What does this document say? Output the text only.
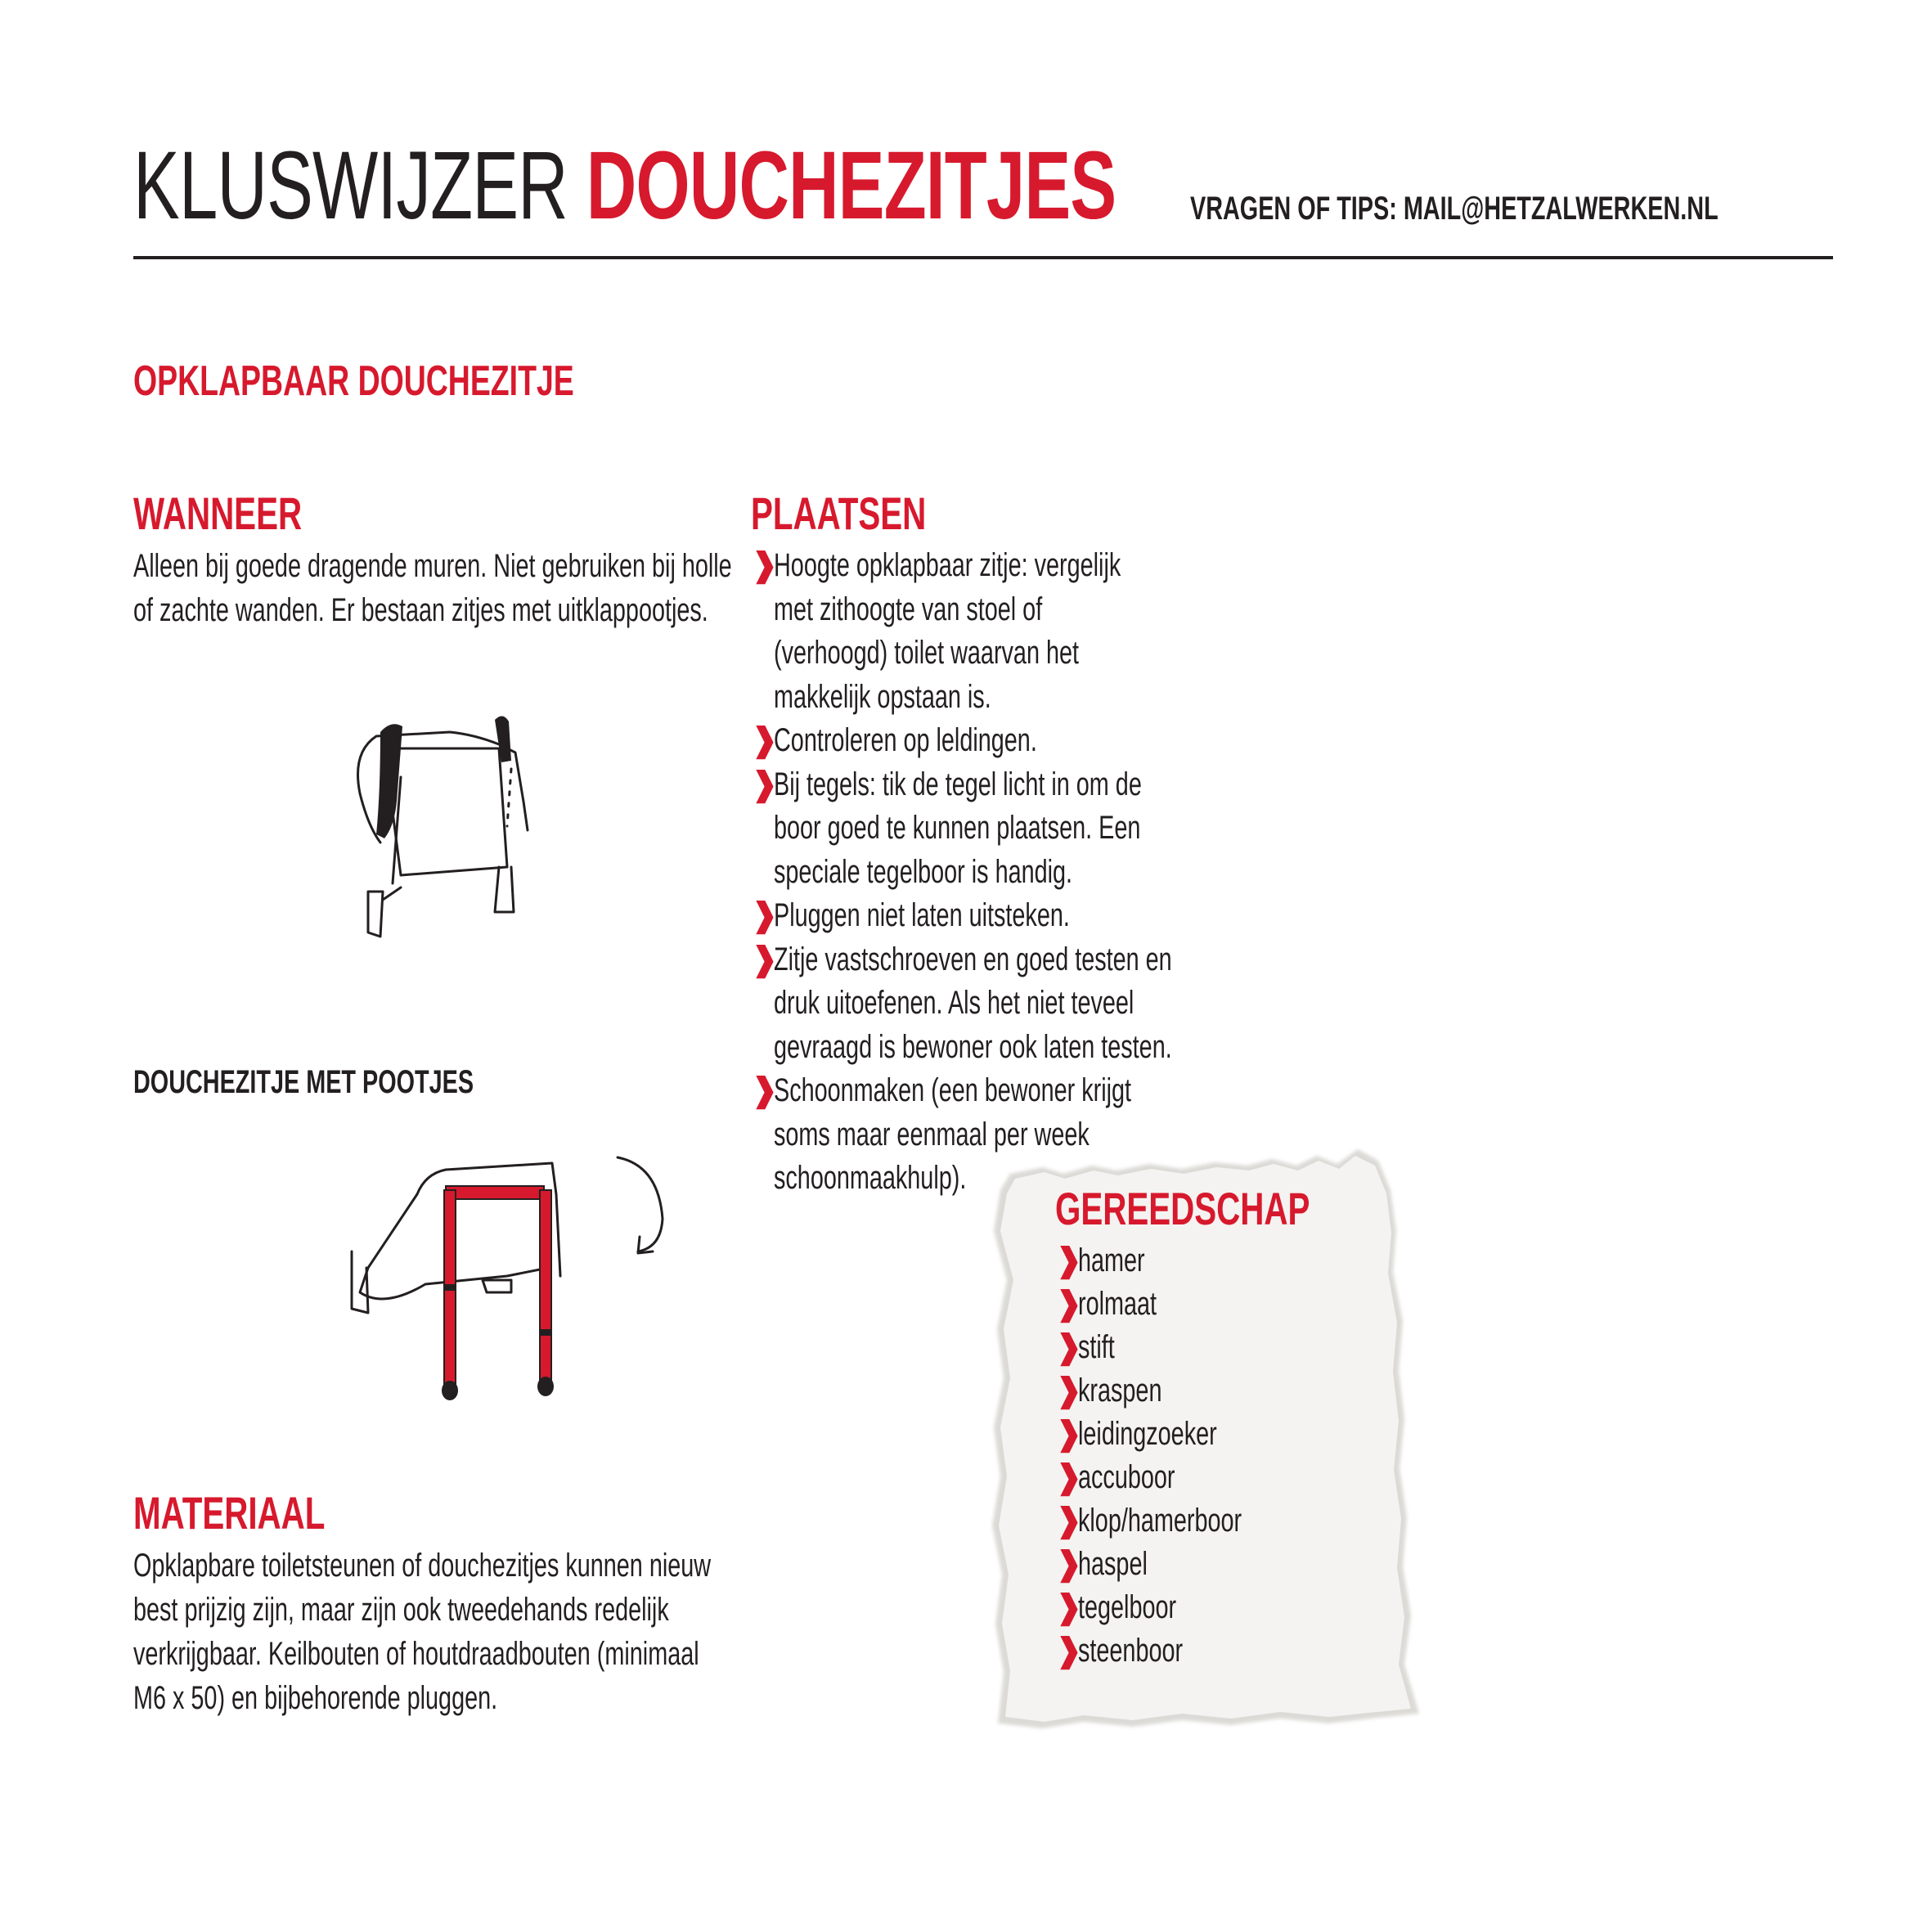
KLUSWIJZER DOUCHEZITJES	VRAGEN OF TIPS: MAIL@HETZALWERKEN.NL
OPKLAPBAAR DOUCHEZITJE
WANNEER
Alleen bij goede dragende muren. Niet gebruiken bij holle of zachte wanden. Er bestaan zitjes met uitklappootjes.
PLAATSEN
❱
Hoogte opklapbaar zitje: vergelijk met zithoogte van stoel of (verhoogd) toilet waarvan het makkelijk opstaan is.
❱
Controleren op leldingen.
❱
Bij tegels: tik de tegel licht in om de boor goed te kunnen plaatsen. Een speciale tegelboor is handig.
❱
Pluggen niet laten uitsteken.
❱
Zitje vastschroeven en goed testen en druk uitoefenen. Als het niet teveel gevraagd is bewoner ook laten testen.
❱
Schoonmaken (een bewoner krijgt soms maar eenmaal per week schoonmaakhulp).
DOUCHEZITJE MET POOTJES
MATERIAAL
Opklapbare toiletsteunen of douchezitjes kunnen nieuw best prijzig zijn, maar zijn ook tweedehands redelijk verkrijgbaar. Keilbouten of houtdraadbouten (minimaal M6 x 50) en bijbehorende pluggen.
GEREEDSCHAP
❱
hamer
❱
rolmaat
❱
stift
❱
kraspen
❱
leidingzoeker
❱
accuboor
❱
klop/hamerboor
❱
haspel
❱
tegelboor
❱
steenboor
